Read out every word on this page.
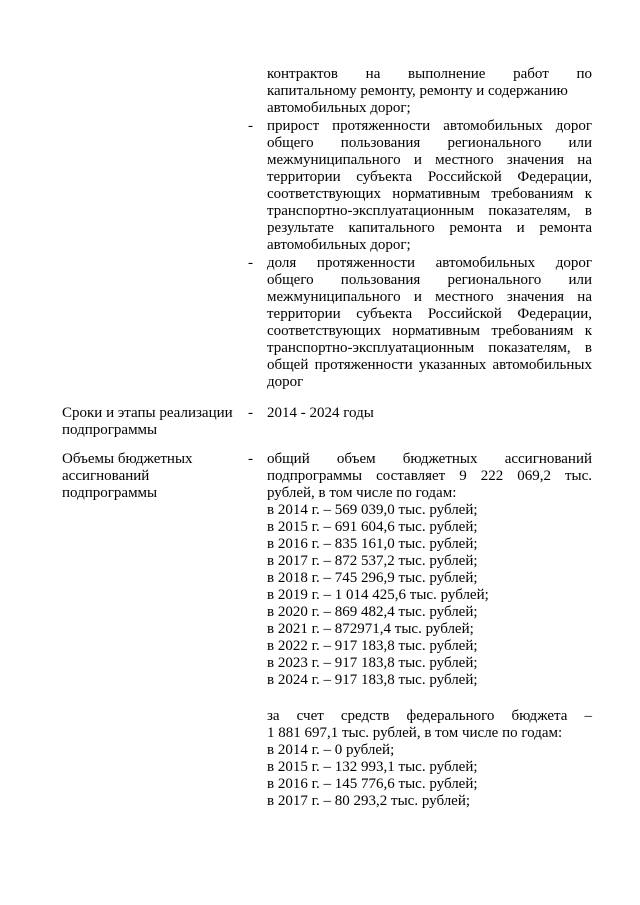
контрактов на выполнение работ по
капитальному ремонту, ремонту и содержанию
автомобильных дорог;
- прирост протяженности автомобильных дорог
общего пользования регионального или
межмуниципального и местного значения на
территории субъекта Российской Федерации,
соответствующих нормативным требованиям к
транспортно-эксплуатационным показателям, в
результате капитального ремонта и ремонта
автомобильных дорог;
- доля протяженности автомобильных дорог
общего пользования регионального или
межмуниципального и местного значения на
территории субъекта Российской Федерации,
соответствующих нормативным требованиям к
транспортно-эксплуатационным показателям, в
общей протяженности указанных автомобильных
дорог
Сроки и этапы реализации
подпрограммы
- 2014 - 2024 годы
Объемы бюджетных
ассигнований
подпрограммы
- общий объем бюджетных ассигнований
подпрограммы составляет 9 222 069,2 тыс.
рублей, в том числе по годам:
в 2014 г. – 569 039,0 тыс. рублей;
в 2015 г. – 691 604,6 тыс. рублей;
в 2016 г. – 835 161,0 тыс. рублей;
в 2017 г. – 872 537,2 тыс. рублей;
в 2018 г. – 745 296,9 тыс. рублей;
в 2019 г. – 1 014 425,6 тыс. рублей;
в 2020 г. – 869 482,4 тыс. рублей;
в 2021 г. – 872971,4 тыс. рублей;
в 2022 г. – 917 183,8 тыс. рублей;
в 2023 г. – 917 183,8 тыс. рублей;
в 2024 г. – 917 183,8 тыс. рублей;
за счет средств федерального бюджета –
1 881 697,1 тыс. рублей, в том числе по годам:
в 2014 г. – 0 рублей;
в 2015 г. – 132 993,1 тыс. рублей;
в 2016 г. – 145 776,6 тыс. рублей;
в 2017 г. – 80 293,2 тыс. рублей;
